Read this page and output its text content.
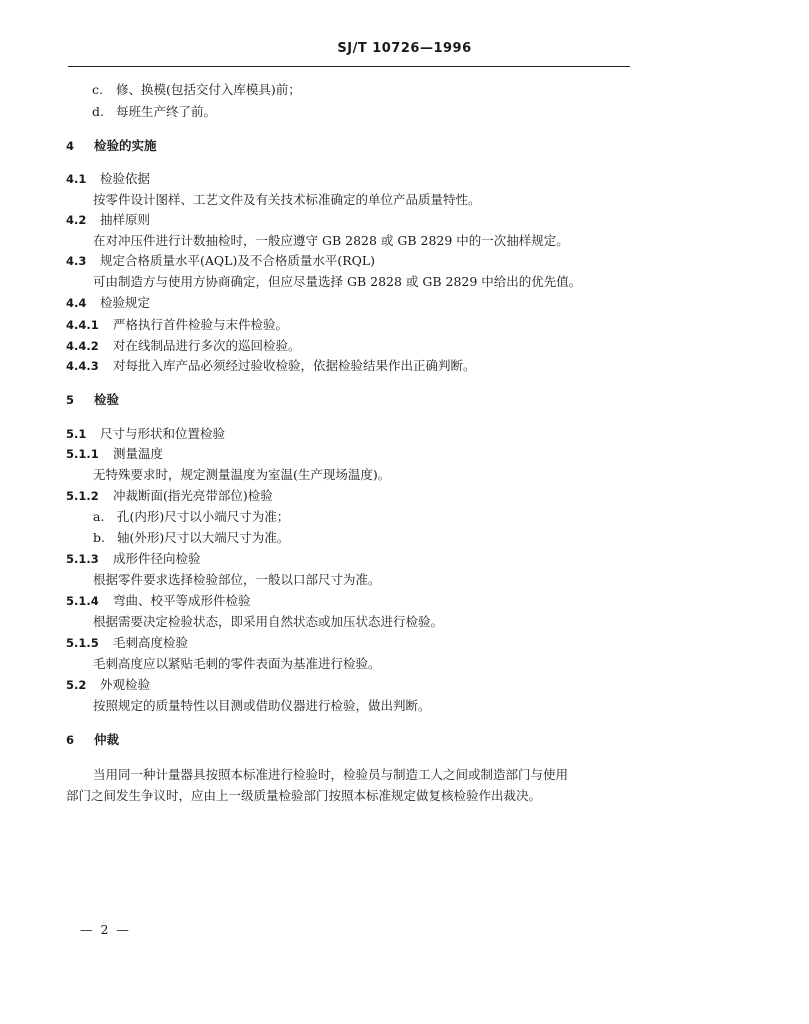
SJ/T 10726—1996
c. 修、换模(包括交付入库模具)前；
d. 每班生产终了前。
4 检验的实施
4.1 检验依据
按零件设计图样、工艺文件及有关技术标准确定的单位产品质量特性。
4.2 抽样原则
在对冲压件进行计数抽检时，一般应遵守 GB 2828 或 GB 2829 中的一次抽样规定。
4.3 规定合格质量水平(AQL)及不合格质量水平(RQL)
可由制造方与使用方协商确定，但应尽量选择 GB 2828 或 GB 2829 中给出的优先值。
4.4 检验规定
4.4.1 严格执行首件检验与末件检验。
4.4.2 对在线制品进行多次的巡回检验。
4.4.3 对每批入库产品必须经过验收检验，依据检验结果作出正确判断。
5 检验
5.1 尺寸与形状和位置检验
5.1.1 测量温度
无特殊要求时，规定测量温度为室温(生产现场温度)。
5.1.2 冲裁断面(指光亮带部位)检验
a. 孔(内形)尺寸以小端尺寸为准；
b. 轴(外形)尺寸以大端尺寸为准。
5.1.3 成形件径向检验
根据零件要求选择检验部位，一般以口部尺寸为准。
5.1.4 弯曲、校平等成形件检验
根据需要决定检验状态，即采用自然状态或加压状态进行检验。
5.1.5 毛刺高度检验
毛刺高度应以紧贴毛刺的零件表面为基准进行检验。
5.2 外观检验
按照规定的质量特性以目测或借助仪器进行检验，做出判断。
6 仲裁
当用同一种计量器具按照本标准进行检验时，检验员与制造工人之间或制造部门与使用
部门之间发生争议时，应由上一级质量检验部门按照本标准规定做复核检验作出裁决。
— 2 —
